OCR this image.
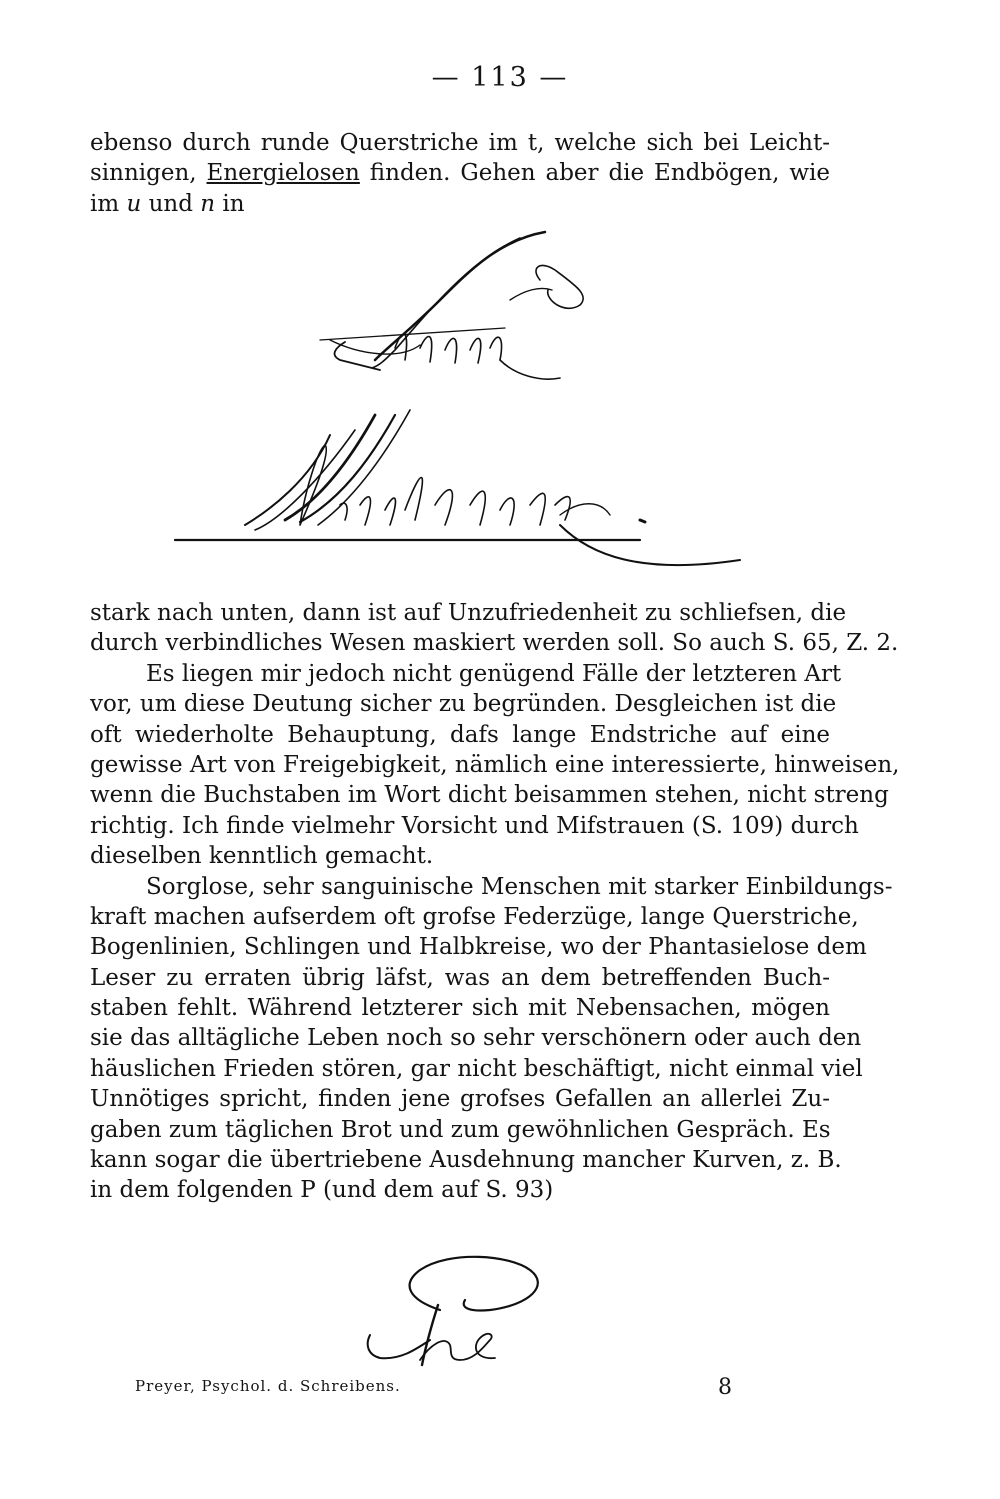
— 113 —
ebenso durch runde Querstriche im t, welche sich bei Leicht-
sinnigen, Energielosen finden. Gehen aber die Endbögen, wie
im u und n in
stark nach unten, dann ist auf Unzufriedenheit zu schliefsen, die
durch verbindliches Wesen maskiert werden soll. So auch S. 65, Z. 2.
Es liegen mir jedoch nicht genügend Fälle der letzteren Art
vor, um diese Deutung sicher zu begründen. Desgleichen ist die
oft wiederholte Behauptung, dafs lange Endstriche auf eine
gewisse Art von Freigebigkeit, nämlich eine interessierte, hinweisen,
wenn die Buchstaben im Wort dicht beisammen stehen, nicht streng
richtig. Ich finde vielmehr Vorsicht und Mifstrauen (S. 109) durch
dieselben kenntlich gemacht.
Sorglose, sehr sanguinische Menschen mit starker Einbildungs-
kraft machen aufserdem oft grofse Federzüge, lange Querstriche,
Bogenlinien, Schlingen und Halbkreise, wo der Phantasielose dem
Leser zu erraten übrig läfst, was an dem betreffenden Buch-
staben fehlt. Während letzterer sich mit Nebensachen, mögen
sie das alltägliche Leben noch so sehr verschönern oder auch den
häuslichen Frieden stören, gar nicht beschäftigt, nicht einmal viel
Unnötiges spricht, finden jene grofses Gefallen an allerlei Zu-
gaben zum täglichen Brot und zum gewöhnlichen Gespräch. Es
kann sogar die übertriebene Ausdehnung mancher Kurven, z. B.
in dem folgenden P (und dem auf S. 93)
Preyer, Psychol. d. Schreibens.	8
